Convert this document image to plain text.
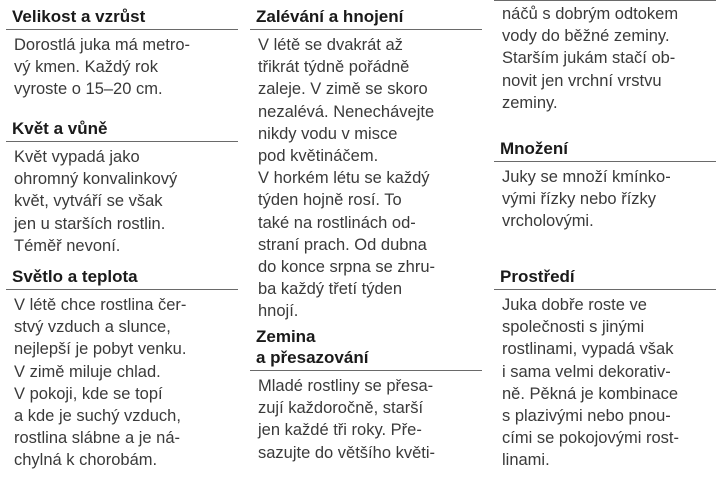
Velikost a vzrůst
Dorostlá juka má metro-
vý kmen. Každý rok
vyroste o 15–20 cm.
Květ a vůně
Květ vypadá jako
ohromný konvalinkový
květ, vytváří se však
jen u starších rostlin.
Téměř nevoní.
Světlo a teplota
V létě chce rostlina čer-
stvý vzduch a slunce,
nejlepší je pobyt venku.
V zimě miluje chlad.
V pokoji, kde se topí
a kde je suchý vzduch,
rostlina slábne a je ná-
chylná k chorobám.
Zalévání a hnojení
V létě se dvakrát až
třikrát týdně pořádně
zaleje. V zimě se skoro
nezalévá. Nenechávejte
nikdy vodu v misce
pod květináčem.
V horkém létu se každý
týden hojně rosí. To
také na rostlinách od-
straní prach. Od dubna
do konce srpna se zhru-
ba každý třetí týden
hnojí.
Zemina
a přesazování
Mladé rostliny se přesa-
zují každoročně, starší
jen každé tři roky. Pře-
sazujte do většího květi-
náčů s dobrým odtokem
vody do běžné zeminy.
Starším jukám stačí ob-
novit jen vrchní vrstvu
zeminy.
Množení
Juky se množí kmínko-
vými řízky nebo řízky
vrcholovými.
Prostředí
Juka dobře roste ve
společnosti s jinými
rostlinami, vypadá však
i sama velmi dekorativ-
ně. Pěkná je kombinace
s plazivými nebo pnou-
cími se pokojovými rost-
linami.
